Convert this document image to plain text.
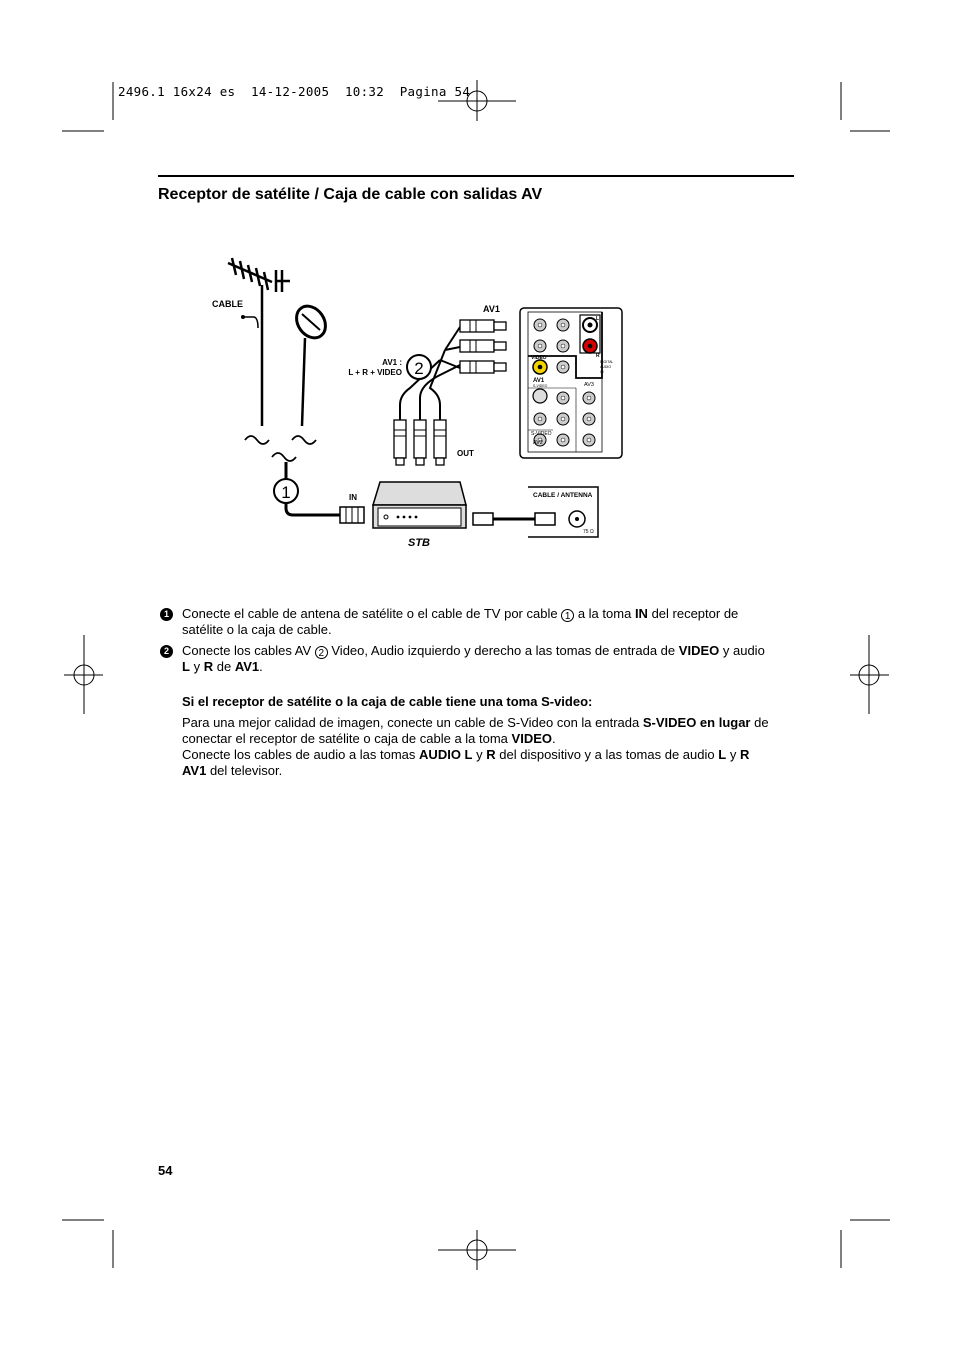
2496.1 16x24 es  14-12-2005  10:32  Pagina 54
Receptor de satélite / Caja de cable con salidas AV
CABLE
IN
1
STB
CABLE / ANTENNA
75 Ω
OUT
AV1
AV1 :
L + R + VIDEO 2
VIDEO
AV1
S-VIDEO
S-VIDEO
AV2
AV3
DIGITAL
AUDIO
IN
L
R
1	Conecte el cable de antena de satélite o el cable de TV por cable 1 a la toma IN del receptor de
satélite o la caja de cable.
2	Conecte los cables AV 2 Video, Audio izquierdo y derecho a las tomas de entrada de VIDEO y audio
L y R de AV1.
Si el receptor de satélite o la caja de cable tiene una toma S-video:
Para una mejor calidad de imagen, conecte un cable de S-Video con la entrada S-VIDEO en lugar de
conectar el receptor de satélite o caja de cable a la toma VIDEO.
Conecte los cables de audio a las tomas AUDIO L y R del dispositivo y a las tomas de audio L y R
AV1 del televisor.
54
